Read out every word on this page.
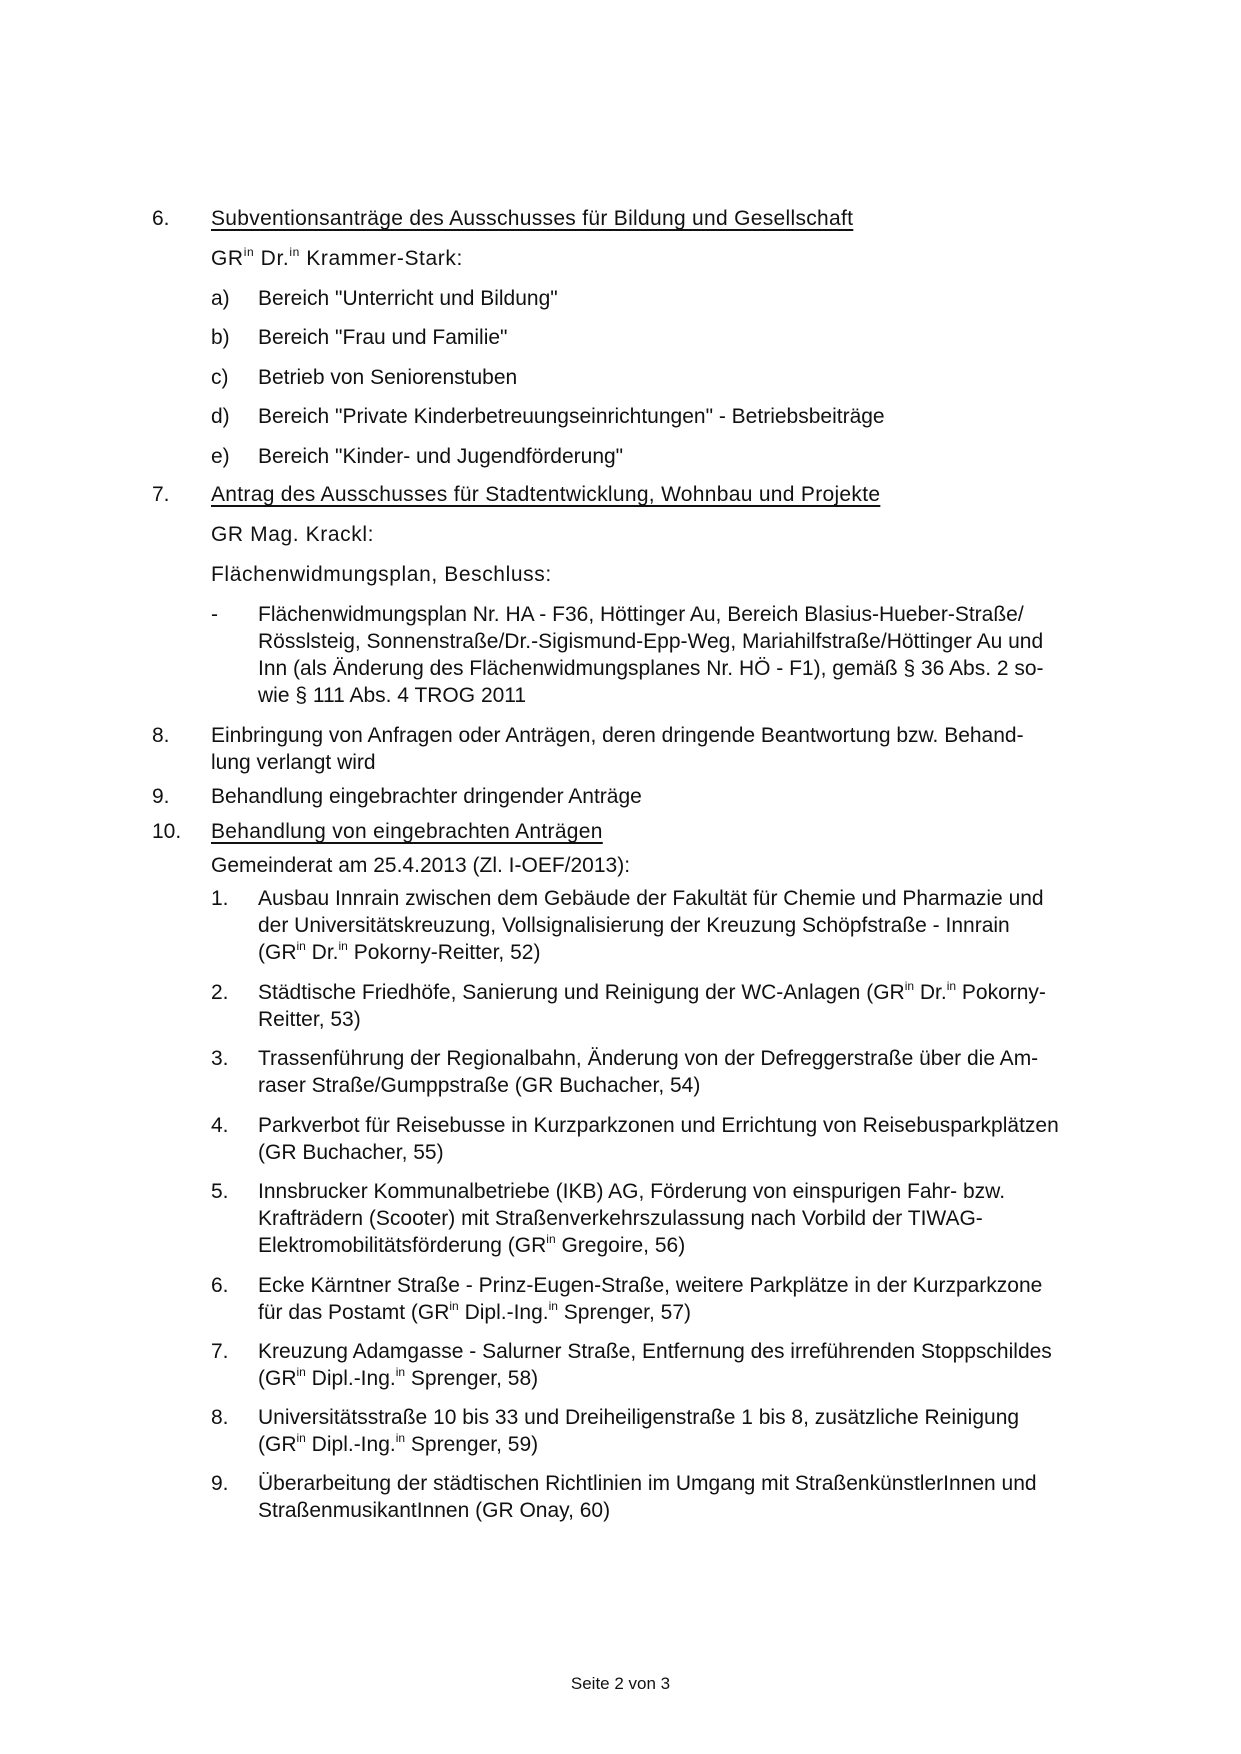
6. Subventionsanträge des Ausschusses für Bildung und Gesellschaft
$GR^{in}$ Dr.$^{in}$ Krammer-Stark:
a) Bereich "Unterricht und Bildung"
b) Bereich "Frau und Familie"
c) Betrieb von Seniorenstuben
d) Bereich "Private Kinderbetreuungseinrichtungen" - Betriebsbeiträge
e) Bereich "Kinder- und Jugendförderung"
7. Antrag des Ausschusses für Stadtentwicklung, Wohnbau und Projekte
GR Mag. Krackl:
Flächenwidmungsplan, Beschluss:
- Flächenwidmungsplan Nr. HA - F36, Höttinger Au, Bereich Blasius-Hueber-Straße/
Rösslsteig, Sonnenstraße/Dr.-Sigismund-Epp-Weg, Mariahilfstraße/Höttinger Au und
Inn (als Änderung des Flächenwidmungsplanes Nr. HÖ - F1), gemäß § 36 Abs. 2 so-
wie § 111 Abs. 4 TROG 2011
8. Einbringung von Anfragen oder Anträgen, deren dringende Beantwortung bzw. Behand-
lung verlangt wird
9. Behandlung eingebrachter dringender Anträge
10. Behandlung von eingebrachten Anträgen
Gemeinderat am 25.4.2013 (Zl. I-OEF/2013):
1. Ausbau Innrain zwischen dem Gebäude der Fakultät für Chemie und Pharmazie und
der Universitätskreuzung, Vollsignalisierung der Kreuzung Schöpfstraße - Innrain
($GR^{in}$ Dr.$^{in}$ Pokorny-Reitter, 52)
2. Städtische Friedhöfe, Sanierung und Reinigung der WC-Anlagen ($GR^{in}$ Dr.$^{in}$ Pokorny-
Reitter, 53)
3. Trassenführung der Regionalbahn, Änderung von der Defreggerstraße über die Am-
raser Straße/Gumppstraße (GR Buchacher, 54)
4. Parkverbot für Reisebusse in Kurzparkzonen und Errichtung von Reisebusparkplätzen
(GR Buchacher, 55)
5. Innsbrucker Kommunalbetriebe (IKB) AG, Förderung von einspurigen Fahr- bzw.
Krafträdern (Scooter) mit Straßenverkehrszulassung nach Vorbild der TIWAG-
Elektromobilitätsförderung ($GR^{in}$ Gregoire, 56)
6. Ecke Kärntner Straße - Prinz-Eugen-Straße, weitere Parkplätze in der Kurzparkzone
für das Postamt ($GR^{in}$ Dipl.-Ing.$^{in}$ Sprenger, 57)
7. Kreuzung Adamgasse - Salurner Straße, Entfernung des irreführenden Stoppschildes
($GR^{in}$ Dipl.-Ing.$^{in}$ Sprenger, 58)
8. Universitätsstraße 10 bis 33 und Dreiheiligenstraße 1 bis 8, zusätzliche Reinigung
($GR^{in}$ Dipl.-Ing.$^{in}$ Sprenger, 59)
9. Überarbeitung der städtischen Richtlinien im Umgang mit StraßenkünstlerInnen und
StraßenmusikantInnen (GR Onay, 60)
Seite 2 von 3
